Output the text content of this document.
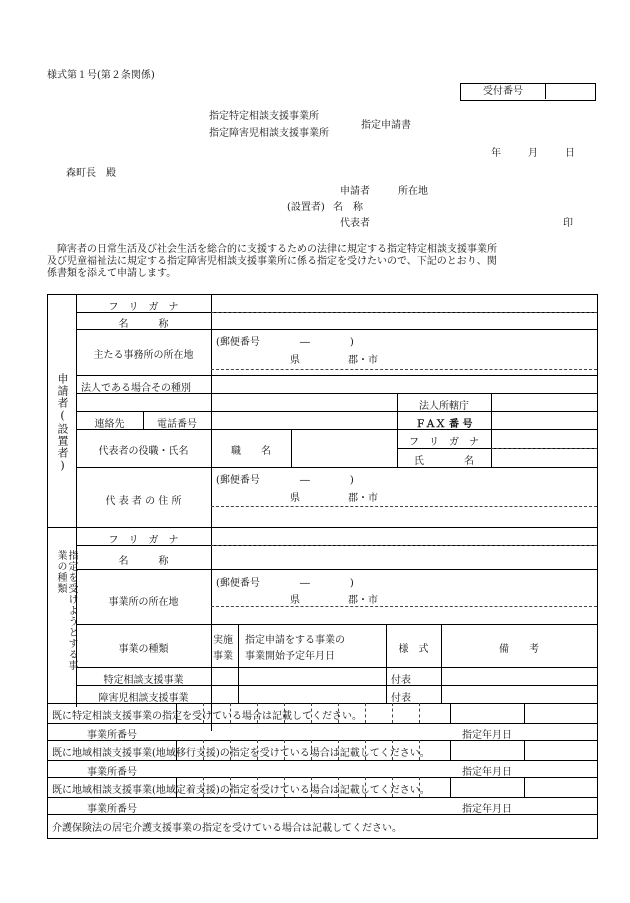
様式第１号(第２条関係)
受付番号
指定特定相談支援事業所
指定障害児相談支援事業所
指定申請書
年	月	日
森町長　殿
申請者	所在地
(設置者) 名　称
代表者	印
障害者の日常生活及び社会生活を総合的に支援するための法律に規定する指定特定相談支援事業所
及び児童福祉法に規定する指定障害児相談支援事業所に係る指定を受けたいので、下記のとおり、関
係書類を添えて申請します。
申請者(設置者)
フ　リ　ガ　ナ
名　　　称
主たる事務所の所在地
(郵便番号　　　　―　　　　)
県	郡・市
法人である場合その種別
法人所轄庁
連絡先	電話番号	ＦＡＸ 番 号
代表者の役職・氏名	職　　名
フ　リ　ガ　ナ
氏　　　　名
代 表 者 の 住 所
(郵便番号　　　　―　　　　)
県	郡・市
指定を受けようとする事業の種類
フ　リ　ガ　ナ
名　　　称
事業所の所在地
(郵便番号　　　　―　　　　)
県	郡・市
事業の種類
実施
事業
指定申請をする事業の
事業開始予定年月日
様　式	備　　考
特定相談支援事業	付表
障害児相談支援事業	付表
既に特定相談支援事業の指定を受けている場合は記載してください。
事業所番号	指定年月日
既に地域相談支援事業(地域移行支援)の指定を受けている場合は記載してください。
事業所番号	指定年月日
既に地域相談支援事業(地域定着支援)の指定を受けている場合は記載してください。
事業所番号	指定年月日
介護保険法の居宅介護支援事業の指定を受けている場合は記載してください。
